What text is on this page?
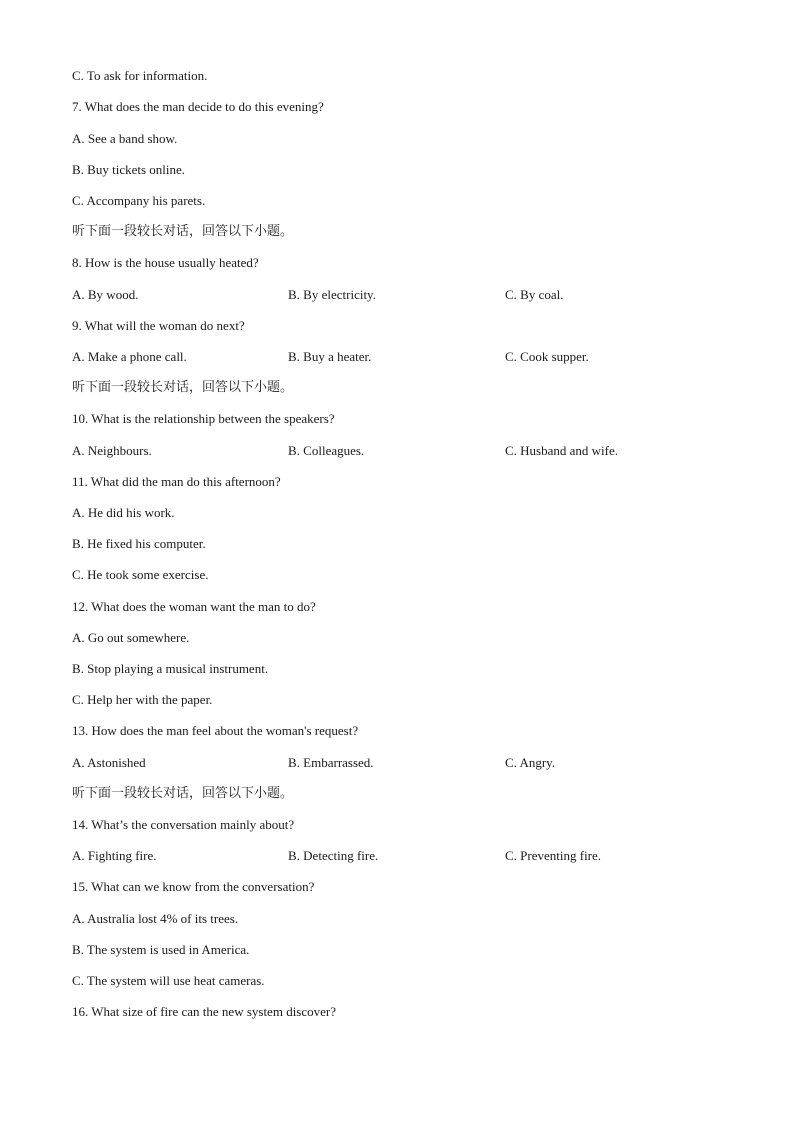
C. To ask for information.
7. What does the man decide to do this evening?
A. See a band show.
B. Buy tickets online.
C. Accompany his parets.
听下面一段较长对话，回答以下小题。
8. How is the house usually heated?
A. By wood.	B. By electricity.	C. By coal.
9. What will the woman do next?
A. Make a phone call.	B. Buy a heater.	C. Cook supper.
听下面一段较长对话，回答以下小题。
10. What is the relationship between the speakers?
A. Neighbours.	B. Colleagues.	C. Husband and wife.
11. What did the man do this afternoon?
A. He did his work.
B. He fixed his computer.
C. He took some exercise.
12. What does the woman want the man to do?
A. Go out somewhere.
B. Stop playing a musical instrument.
C. Help her with the paper.
13. How does the man feel about the woman's request?
A. Astonished	B. Embarrassed.	C. Angry.
听下面一段较长对话，回答以下小题。
14. What’s the conversation mainly about?
A. Fighting fire.	B. Detecting fire.	C. Preventing fire.
15. What can we know from the conversation?
A. Australia lost 4% of its trees.
B. The system is used in America.
C. The system will use heat cameras.
16. What size of fire can the new system discover?
